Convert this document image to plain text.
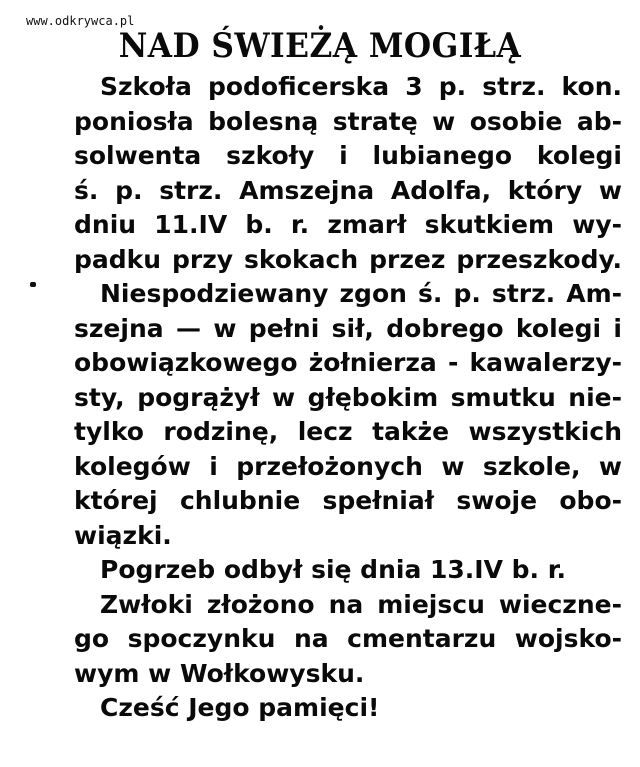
www.odkrywca.pl
NAD ŚWIEŻĄ MOGIŁĄ
Szkoła podoficerska 3 p. strz. kon.
poniosła bolesną stratę w osobie ab-
solwenta szkoły i lubianego kolegi
ś. p. strz. Amszejna Adolfa, który w
dniu 11.IV b. r. zmarł skutkiem wy-
padku przy skokach przez przeszkody.
Niespodziewany zgon ś. p. strz. Am-
szejna — w pełni sił, dobrego kolegi i
obowiązkowego żołnierza - kawalerzy-
sty, pogrążył w głębokim smutku nie-
tylko rodzinę, lecz także wszystkich
kolegów i przełożonych w szkole, w
której chlubnie spełniał swoje obo-
wiązki.
Pogrzeb odbył się dnia 13.IV b. r.
Zwłoki złożono na miejscu wieczne-
go spoczynku na cmentarzu wojsko-
wym w Wołkowysku.
Cześć Jego pamięci!
